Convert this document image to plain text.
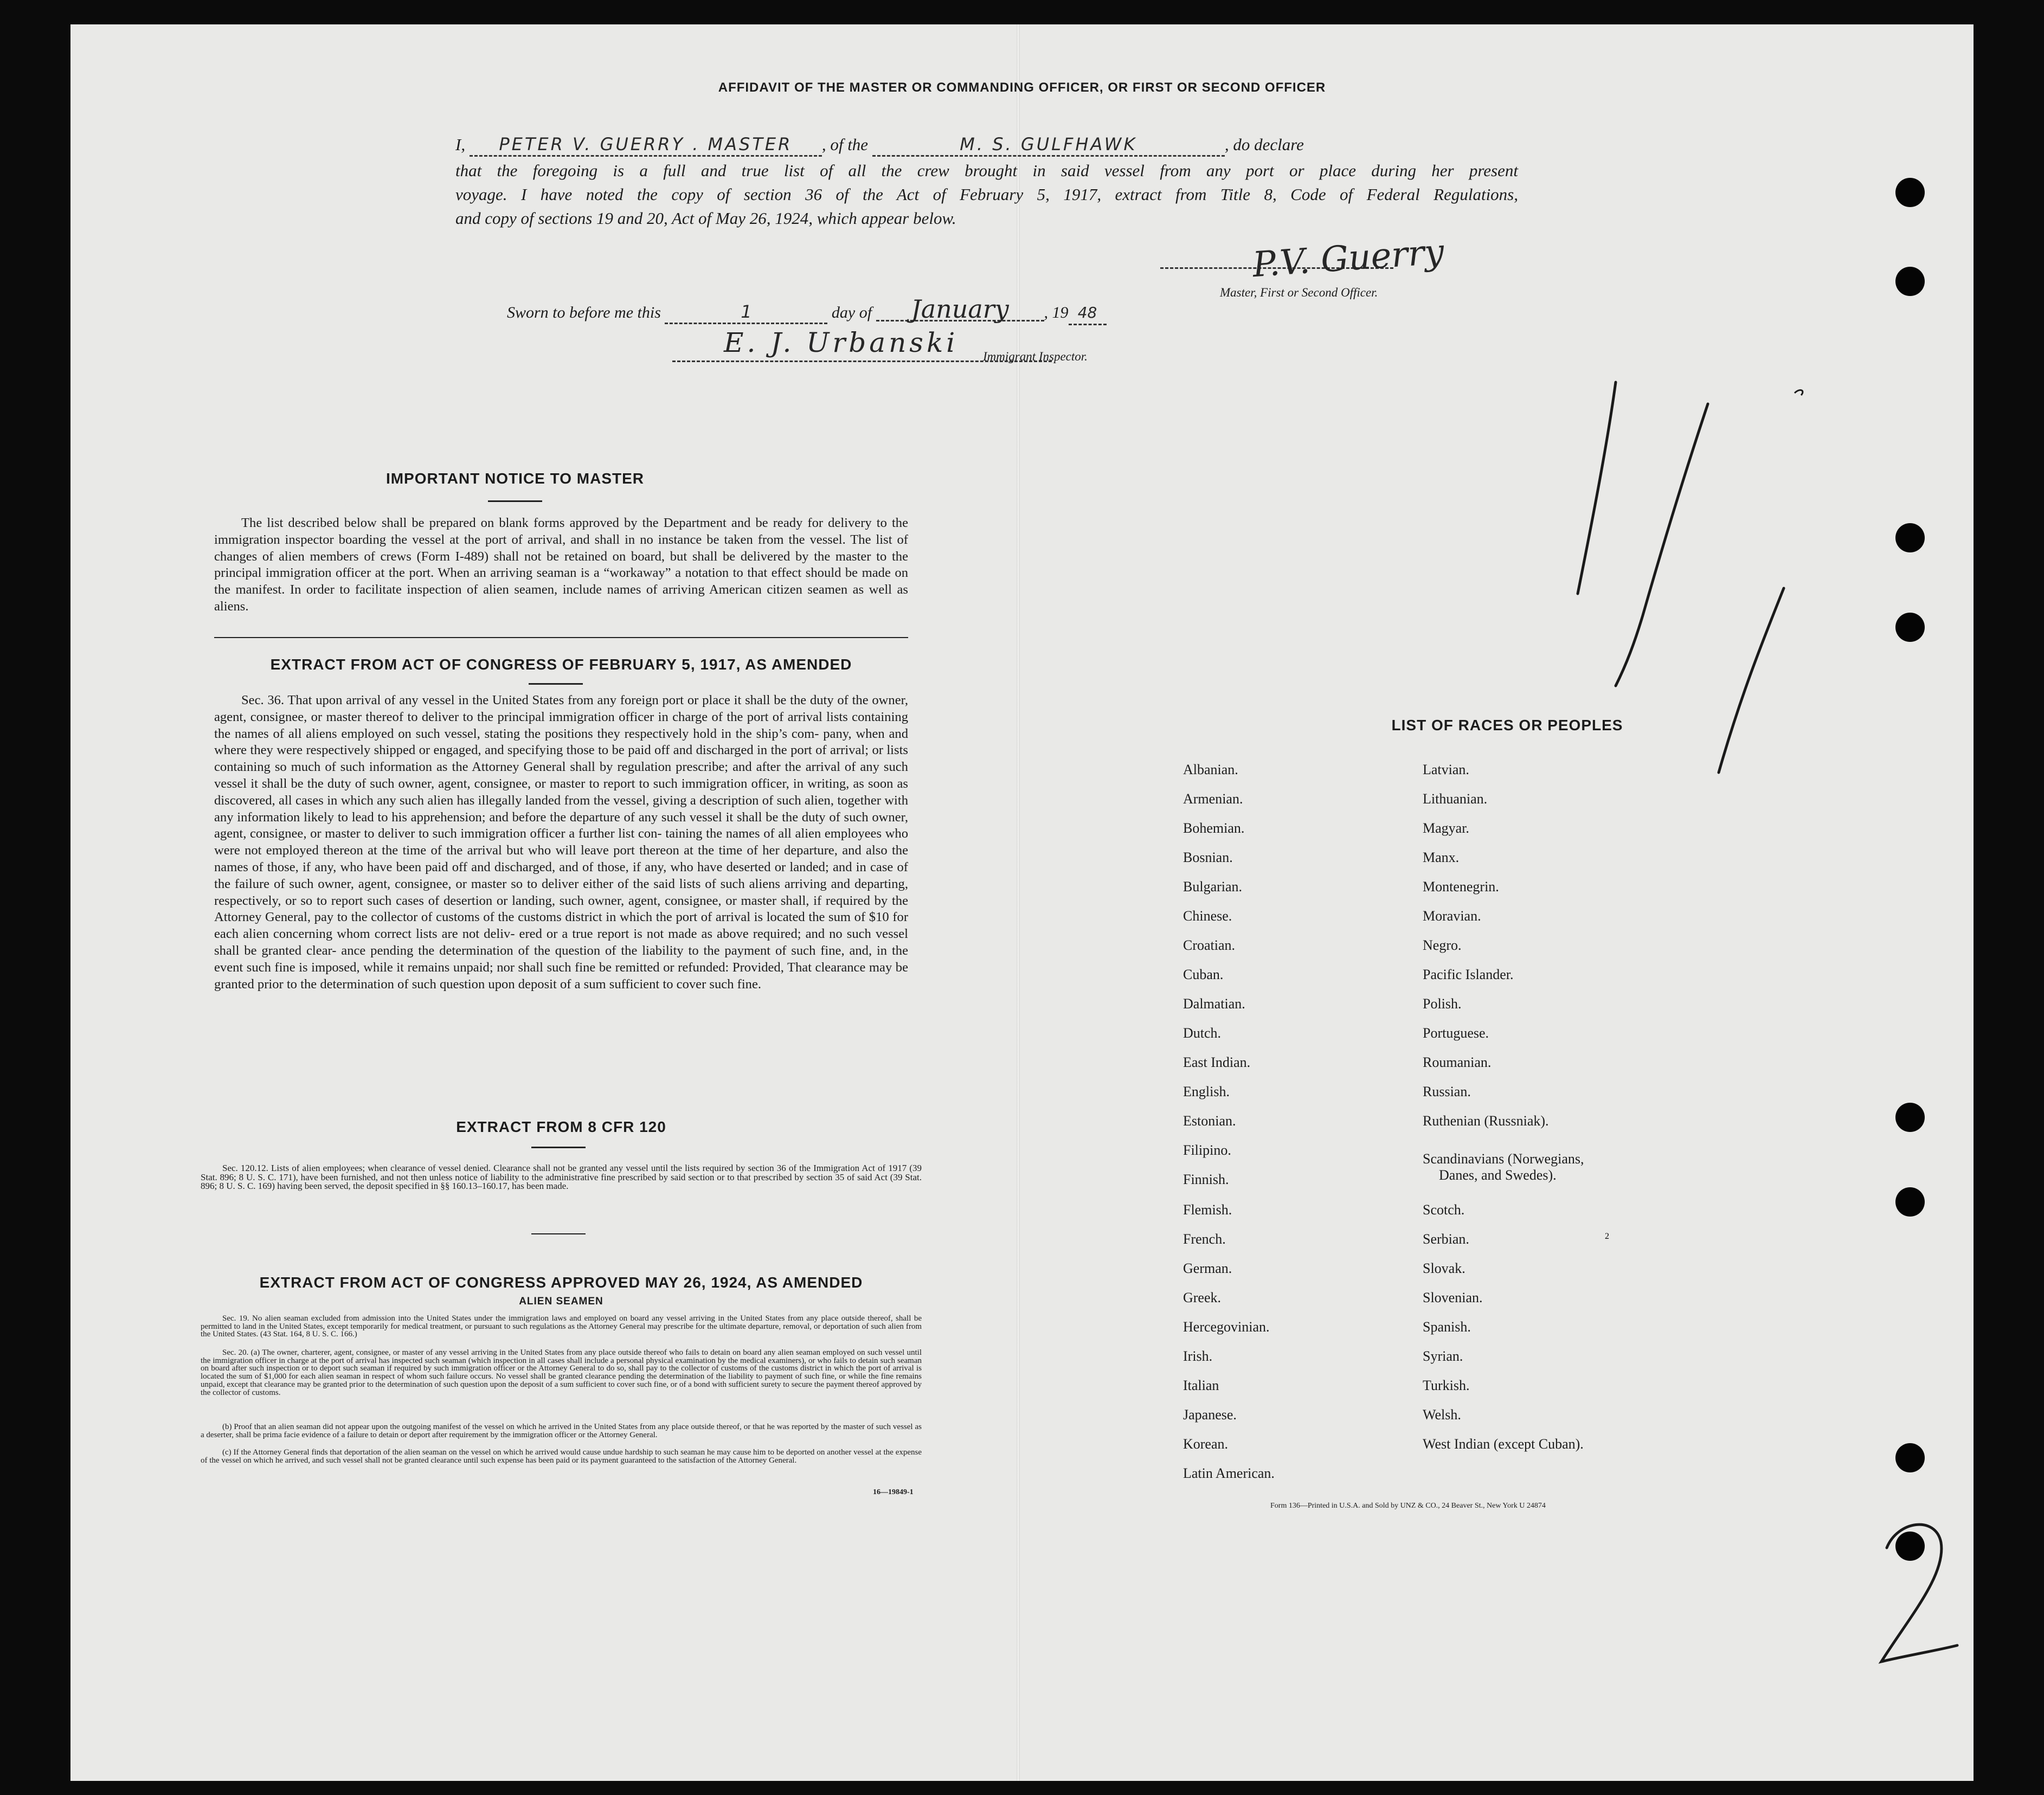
AFFIDAVIT OF THE MASTER OR COMMANDING OFFICER, OR FIRST OR SECOND OFFICER
I, PETER V. GUERRY . MASTER , of the	M. S. GULFHAWK	, do declare
that the foregoing is a full and true list of all the crew brought in said vessel from any port or place during her present
voyage. I have noted the copy of section 36 of the Act of February 5, 1917, extract from Title 8, Code of Federal Regulations,
and copy of sections 19 and 20, Act of May 26, 1924, which appear below.
P.V. Guerry
Master, First or Second Officer.
Sworn to before me this	1	day of January , 19 48
E. J. Urbanski Immigrant Inspector.
IMPORTANT NOTICE TO MASTER
The list described below shall be prepared on blank forms approved by the Department and be ready for delivery to the immigration inspector boarding the vessel at the port of arrival, and shall in no instance be taken from the vessel. The list of changes of alien members of crews (Form I-489) shall not be retained on board, but shall be delivered by the master to the principal immigration officer at the port. When an arriving seaman is a “workaway” a notation to that effect should be made on the manifest. In order to facilitate inspection of alien seamen, include names of arriving American citizen seamen as well as aliens.
EXTRACT FROM ACT OF CONGRESS OF FEBRUARY 5, 1917, AS AMENDED
Sec. 36. That upon arrival of any vessel in the United States from any foreign port or place it shall be the duty of the owner, agent, consignee, or master thereof to deliver to the principal immigration officer in charge of the port of arrival lists containing the names of all aliens employed on such vessel, stating the positions they respectively hold in the ship’s com- pany, when and where they were respectively shipped or engaged, and specifying those to be paid off and discharged in the port of arrival; or lists containing so much of such information as the Attorney General shall by regulation prescribe; and after the arrival of any such vessel it shall be the duty of such owner, agent, consignee, or master to report to such immigration officer, in writing, as soon as discovered, all cases in which any such alien has illegally landed from the vessel, giving a description of such alien, together with any information likely to lead to his apprehension; and before the departure of any such vessel it shall be the duty of such owner, agent, consignee, or master to deliver to such immigration officer a further list con- taining the names of all alien employees who were not employed thereon at the time of the arrival but who will leave port thereon at the time of her departure, and also the names of those, if any, who have been paid off and discharged, and of those, if any, who have deserted or landed; and in case of the failure of such owner, agent, consignee, or master so to deliver either of the said lists of such aliens arriving and departing, respectively, or so to report such cases of desertion or landing, such owner, agent, consignee, or master shall, if required by the Attorney General, pay to the collector of customs of the customs district in which the port of arrival is located the sum of $10 for each alien concerning whom correct lists are not deliv- ered or a true report is not made as above required; and no such vessel shall be granted clear- ance pending the determination of the question of the liability to the payment of such fine, and, in the event such fine is imposed, while it remains unpaid; nor shall such fine be remitted or refunded: Provided, That clearance may be granted prior to the determination of such question upon deposit of a sum sufficient to cover such fine.
EXTRACT FROM 8 CFR 120
Sec. 120.12. Lists of alien employees; when clearance of vessel denied. Clearance shall not be granted any vessel until the lists required by section 36 of the Immigration Act of 1917 (39 Stat. 896; 8 U. S. C. 171), have been furnished, and not then unless notice of liability to the administrative fine prescribed by said section or to that prescribed by section 35 of said Act (39 Stat. 896; 8 U. S. C. 169) having been served, the deposit specified in §§ 160.13–160.17, has been made.
EXTRACT FROM ACT OF CONGRESS APPROVED MAY 26, 1924, AS AMENDED
ALIEN SEAMEN
Sec. 19. No alien seaman excluded from admission into the United States under the immigration laws and employed on board any vessel arriving in the United States from any place outside thereof, shall be permitted to land in the United States, except temporarily for medical treatment, or pursuant to such regulations as the Attorney General may prescribe for the ultimate departure, removal, or deportation of such alien from the United States. (43 Stat. 164, 8 U. S. C. 166.)
Sec. 20. (a) The owner, charterer, agent, consignee, or master of any vessel arriving in the United States from any place outside thereof who fails to detain on board any alien seaman employed on such vessel until the immigration officer in charge at the port of arrival has inspected such seaman (which inspection in all cases shall include a personal physical examination by the medical examiners), or who fails to detain such seaman on board after such inspection or to deport such seaman if required by such immigration officer or the Attorney General to do so, shall pay to the collector of customs of the customs district in which the port of arrival is located the sum of $1,000 for each alien seaman in respect of whom such failure occurs. No vessel shall be granted clearance pending the determination of the liability to payment of such fine, or while the fine remains unpaid, except that clearance may be granted prior to the determination of such question upon the deposit of a sum sufficient to cover such fine, or of a bond with sufficient surety to secure the payment thereof approved by the collector of customs.
(b) Proof that an alien seaman did not appear upon the outgoing manifest of the vessel on which he arrived in the United States from any place outside thereof, or that he was reported by the master of such vessel as a deserter, shall be prima facie evidence of a failure to detain or deport after requirement by the immigration officer or the Attorney General.
(c) If the Attorney General finds that deportation of the alien seaman on the vessel on which he arrived would cause undue hardship to such seaman he may cause him to be deported on another vessel at the expense of the vessel on which he arrived, and such vessel shall not be granted clearance until such expense has been paid or its payment guaranteed to the satisfaction of the Attorney General.
16—19849-1
LIST OF RACES OR PEOPLES
Albanian.
Armenian.
Bohemian.
Bosnian.
Bulgarian.
Chinese.
Croatian.
Cuban.
Dalmatian.
Dutch.
East Indian.
English.
Estonian.
Filipino.
Finnish.
Flemish.
French.
German.
Greek.
Hercegovinian.
Irish.
Italian
Japanese.
Korean.
Latin American.
Latvian.
Lithuanian.
Magyar.
Manx.
Montenegrin.
Moravian.
Negro.
Pacific Islander.
Polish.
Portuguese.
Roumanian.
Russian.
Ruthenian (Russniak).
Scandinavians (Norwegians,
Danes, and Swedes).
Scotch.
Serbian.
Slovak.
Slovenian.
Spanish.
Syrian.
Turkish.
Welsh.
West Indian (except Cuban).
Form 136—Printed in U.S.A. and Sold by UNZ & CO., 24 Beaver St., New York U 24874
2
